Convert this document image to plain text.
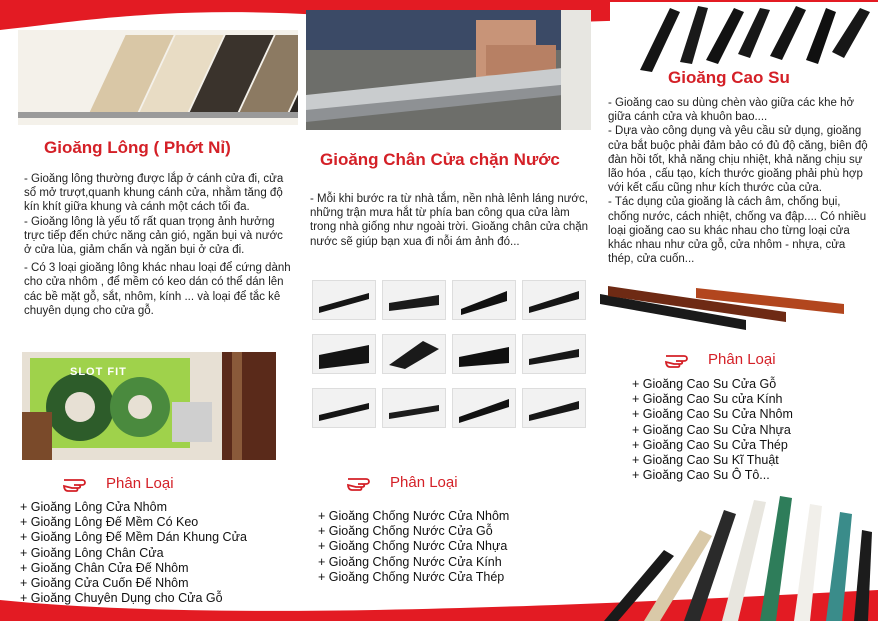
Gioăng Lông ( Phớt Nỉ)

- Gioăng lông thường được lắp ở cánh cửa đi, cửa sổ mở trượt,quanh khung cánh cửa, nhằm tăng độ kín khít giữa khung và cánh một cách tối đa.

- Gioăng lông là yếu tố rất quan trọng ảnh hưởng trực tiếp đến chức năng cản gió, ngăn bụi và nước ở cửa lùa, giảm chấn và ngăn bụi ở cửa đi.

- Có 3 loại gioăng lông khác nhau loại để cứng dành cho cửa nhôm , để mềm có keo dán có thể dán lên các bề mặt gỗ, sắt, nhôm, kính ... và loại để tắc kê chuyên dụng cho cửa gỗ.

SLOT FIT
Phân Loại
+ Gioăng Lông Cửa Nhôm
+ Gioăng Lông Đế Mềm Có Keo
+ Gioăng Lông Đế Mềm Dán Khung Cửa
+ Gioăng Lông Chân Cửa
+ Gioăng Chân Cửa Đế Nhôm
+ Gioăng Cửa Cuốn Đế Nhôm
+ Gioăng Chuyên Dụng cho Cửa Gỗ
Gioăng Chân Cửa chặn Nước

- Mỗi khi bước ra từ nhà tắm, nền nhà lênh láng nước, những trận mưa hắt từ phía ban công qua cửa làm trong nhà giống như ngoài trời. Gioăng chân cửa chặn nước sẽ giúp bạn xua đi nỗi ám ảnh đó...

Phân Loại
+ Gioăng Chống Nước Cửa Nhôm
+ Gioăng Chống Nước Cửa Gỗ
+ Gioăng Chống Nước Cửa Nhựa
+ Gioăng Chống Nước Cửa Kính
+ Gioăng Chống Nước Cửa Thép
Gioăng Cao Su

- Gioăng cao su dùng chèn vào giữa các khe hở giữa cánh cửa và khuôn bao....

- Dựa vào công dụng và yêu cầu sử dụng, gioăng cửa bắt buộc phải đảm bảo có đủ độ căng, biên độ đàn hồi tốt, khả năng chịu nhiệt, khả năng chịu sự lão hóa , cấu tạo, kích thước gioăng phải phù hợp với kết cấu cũng như kích thước của cửa.

- Tác dụng của gioăng là cách âm, chống bụi, chống nước, cách nhiệt, chống va đập.... Có nhiều loại gioăng cao su khác nhau cho từng loại cửa khác nhau như cửa gỗ, cửa nhôm - nhựa, cửa thép, cửa cuốn...

Phân Loại
+ Gioăng Cao Su Cửa Gỗ
+ Gioăng Cao Su cửa Kính
+ Gioăng Cao Su Cửa Nhôm
+ Gioăng Cao Su Cửa Nhựa
+ Gioăng Cao Su Cửa Thép
+ Gioăng Cao Su Kĩ Thuật
+ Gioăng Cao Su Ô Tô...
